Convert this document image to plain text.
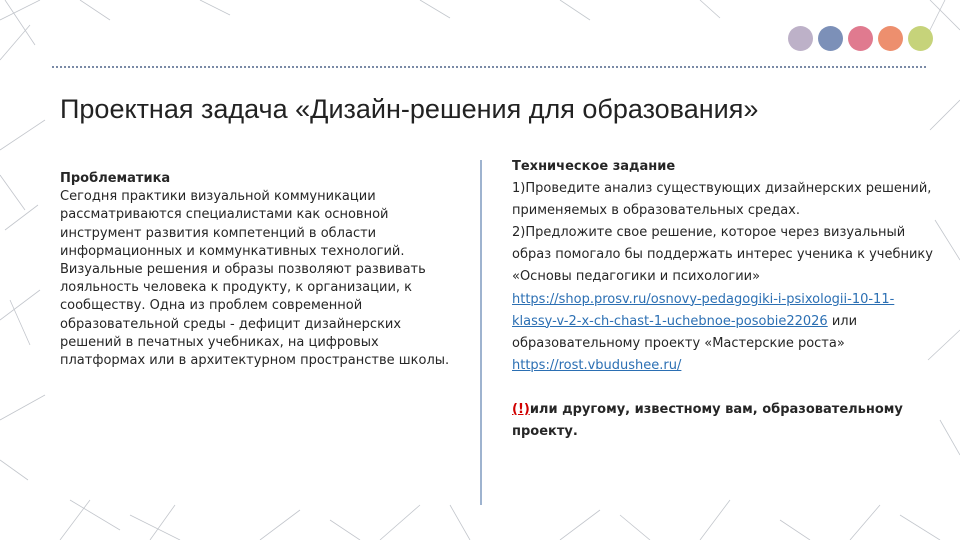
Проектная задача «Дизайн-решения для образования»
Проблематика
Сегодня практики визуальной коммуникации рассматриваются специалистами как основной инструмент развития компетенций в области информационных и коммункативных технологий. Визуальные решения и образы позволяют развивать лояльность человека к продукту, к организации, к сообществу. Одна из проблем современной образовательной среды - дефицит дизайнерских решений в печатных учебниках, на цифровых платформах или в архитектурном пространстве школы.

Техническое задание

1)Проведите анализ существующих дизайнерских решений, применяемых в образовательных средах.

2)Предложите свое решение, которое через визуальный образ помогало бы поддержать интерес ученика к учебнику «Основы педагогики и психологии» https://shop.prosv.ru/osnovy-pedagogiki-i-psixologii-10-11-klassy-v-2-x-ch-chast-1-uchebnoe-posobie22026 или образовательному проекту «Мастерские роста»
https://rost.vbudushee.ru/

(!)или другому, известному вам, образовательному проекту.
